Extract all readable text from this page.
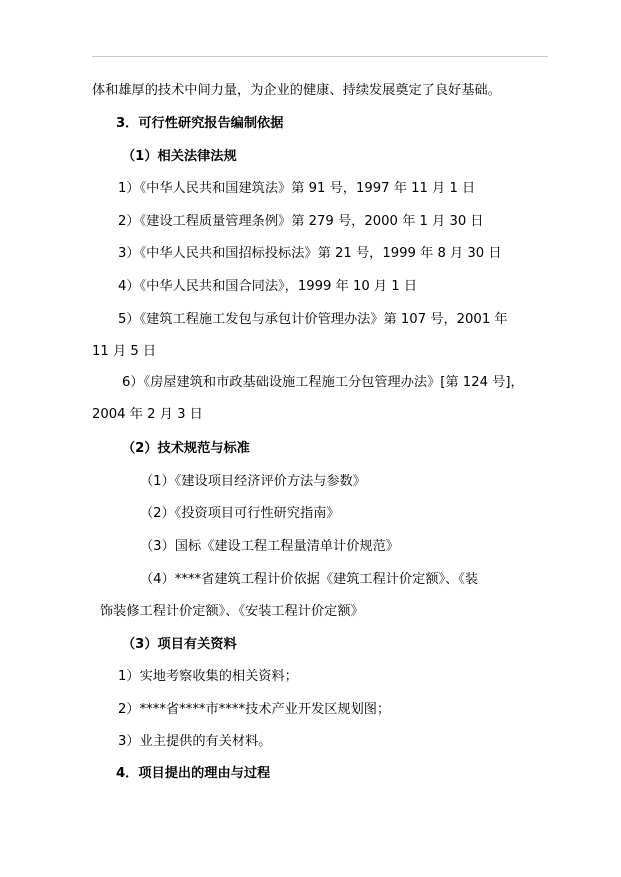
体和雄厚的技术中间力量，为企业的健康、持续发展奠定了良好基础。
3．可行性研究报告编制依据
（1）相关法律法规
1）《中华人民共和国建筑法》第 91 号，1997 年 11 月 1 日
2）《建设工程质量管理条例》第 279 号，2000 年 1 月 30 日
3）《中华人民共和国招标投标法》第 21 号，1999 年 8 月 30 日
4）《中华人民共和国合同法》，1999 年 10 月 1 日
5）《建筑工程施工发包与承包计价管理办法》第 107 号，2001 年
11 月 5 日
6）《房屋建筑和市政基础设施工程施工分包管理办法》[第 124 号]，
2004 年 2 月 3 日
（2）技术规范与标准
（1）《建设项目经济评价方法与参数》
（2）《投资项目可行性研究指南》
（3）国标《建设工程工程量清单计价规范》
（4）****省建筑工程计价依据《建筑工程计价定额》、《装
饰装修工程计价定额》、《安装工程计价定额》
（3）项目有关资料
1）实地考察收集的相关资料；
2）****省****市****技术产业开发区规划图；
3）业主提供的有关材料。
4．项目提出的理由与过程
